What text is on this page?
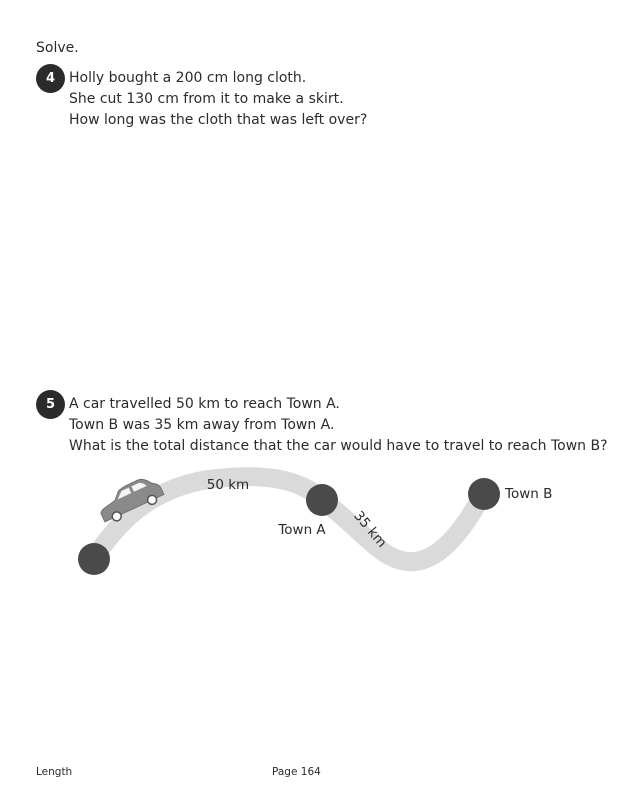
Solve.
4 Holly bought a 200 cm long cloth.
She cut 130 cm from it to make a skirt.
How long was the cloth that was left over?
5 A car travelled 50 km to reach Town A.
Town B was 35 km away from Town A.
What is the total distance that the car would have to travel to reach Town B?
50 km
35 km
Town A
Town B
Length	Page 164
